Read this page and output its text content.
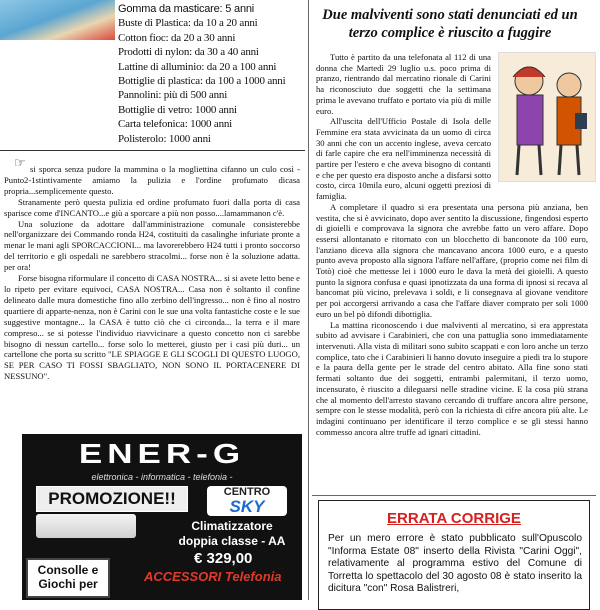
Gomma da masticare: 5 anni
Buste di Plastica: da 10 a 20 anni
Cotton fioc: da 20 a 30 anni
Prodotti di nylon: da 30 a 40 anni
Lattine di alluminio: da 20 a 100 anni
Bottiglie di plastica: da 100 a 1000 anni
Pannolini: più di 500 anni
Bottiglie di vetro: 1000 anni
Carta telefonica: 1000 anni
Polisterolo: 1000 anni
☞ si sporca senza pudore la mammina o la mogliettina cifanno un culo così -Punto2-1stintivamente amiamo la pulizia e l'ordine profumato dicasa propria...semplicemente questo.

Stranamente però questa pulizia ed ordine profumato fuori dalla porta di casa sparisce come d'INCANTO...e giù a sporcare a più non posso....lamammanon c'è.

Una soluzione da adottare dall'amministrazione comunale consisterebbe nell'organizzare dei Commando ronda H24, costituiti da casalinghe infuriate pronte a menar le mani agli SPORCACCIONI... ma lavorerebbero H24 tutti i pronto soccorso del territorio e gli ospedali ne sarebbero stracolmi... forse non è la soluzione adatta. per ora!

Forse bisogna riformulare il concetto di CASA NOSTRA... si si avete letto bene e lo ripeto per evitare equivoci, CASA NOSTRA... Casa non è soltanto il confine delineato dalle mura domestiche fino allo zerbino dell'ingresso... non è fino al nostro quartiere di apparte-nenza, non è Carini con le sue una volta fantastiche coste e le sue suggestive montagne... la CASA è tutto ciò che ci circonda... la terra e il mare compreso... se si potesse l'individuo riavvicinare a questo concetto non ci sarebbe bisogno di nessun cartello... forse solo lo metterei, giusto per i casi più duri... un cartellone che porta su scritto "LE SPIAGGE E GLI SCOGLI DI QUESTO LUOGO, SE PER CASO TI FOSSI SBAGLIATO, NON SONO IL PORTACENERE DI NESSUNO".

ENER-G
elettronica - informatica - telefonia -
PROMOZIONE!!	CENTRO
SKY
Climatizzatore
doppia classe - AA
€ 329,00
ACCESSORI Telefonia
Consolle e Giochi per
Due malviventi sono stati denunciati ed un terzo complice è riuscito a fuggire

Tutto è partito da una telefonata al 112 di una donna che Martedì 29 luglio u.s. poco prima di pranzo, rientrando dal mercatino rionale di Carini ha riconosciuto due soggetti che la settimana prima le avevano truffato e portato via più di mille euro.

All'uscita dell'Ufficio Postale di Isola delle Femmine era stata avvicinata da un uomo di circa 30 anni che con un accento inglese, aveva cercato di farle capire che era nell'imminenza necessità di partire per l'estero e che aveva bisogno di contanti e che per questo era disposto anche a disfarsi sotto costo, circa 10mila euro, alcuni oggetti preziosi di famiglia.

A completare il quadro si era presentata una persona più anziana, ben vestita, che si è avvicinato, dopo aver sentito la discussione, fingendosi esperto di gioielli e comprovava la signora che avrebbe fatto un vero affare. Dopo essersi allontanato e ritornato con un blocchetto di banconote da 100 euro, l'anziano diceva alla signora che mancavano ancora 1000 euro, e a questo punto aveva proposto alla signora l'affare nell'affare, (proprio come nei film di Totò) cioè che mettesse lei i 1000 euro le dava la metà dei gioielli. A questo punto la signora confusa e quasi ipnotizzata da una forma di ipnosi si recava al bancomat più vicino, prelevava i soldi, e li consegnava al giovane venditore per poi accorgersi arrivando a casa che l'affare diaver comprato per soli 1000 euro un bel pò difondi dibottiglia.

La mattina riconoscendo i due malviventi al mercatino, si era apprestata subito ad avvisare i Carabinieri, che con una pattuglia sono immediatamente intervenuti. Alla vista di militari sono subito scappati e con loro anche un terzo complice, tato che i Carabinieri li hanno dovuto inseguire a piedi tra lo stupore e la paura della gente per le strade del centro abitato. Alla fine sono stati fermati soltanto due dei soggetti, entrambi palermitani, il terzo uomo, incensurato, è riuscito a dileguarsi nelle stradine vicine. E la cosa più strana che al momento dell'arresto stavano cercando di truffare ancora altre persone, sempre con le stesse modalità, però con la richiesta di cifre ancora più alte. Le indagini continuano per identificare il terzo complice e se gli stessi hanno commesso ancora altre truffe ad ignari cittadini.

ERRATA CORRIGE
Per un mero errore è stato pubblicato sull'Opuscolo "Informa Estate 08" inserto della Rivista "Carini Oggi", relativamente al programma estivo del Comune di Torretta lo spettacolo del 30 agosto 08 è stato inserito la dicitura "con" Rosa Balistreri,
